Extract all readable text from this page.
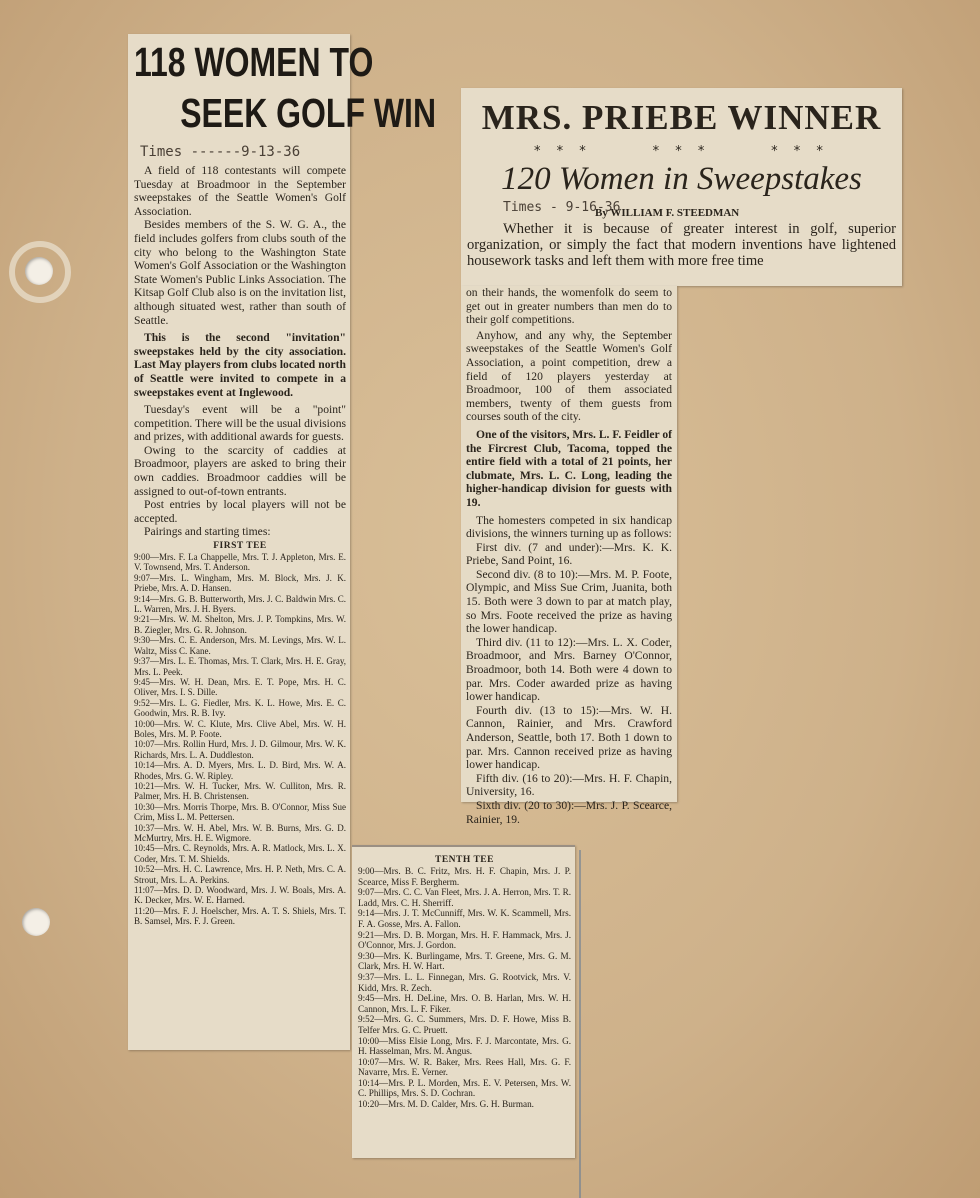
118 WOMEN TO
SEEK GOLF WIN
Times ------9-13-36

A field of 118 contestants will compete Tuesday at Broadmoor in the September sweepstakes of the Seattle Women's Golf Association.

Besides members of the S. W. G. A., the field includes golfers from clubs south of the city who belong to the Washington State Women's Golf Association or the Washington State Women's Public Links Association. The Kitsap Golf Club also is on the invitation list, although situated west, rather than south of Seattle.

This is the second "invitation" sweepstakes held by the city association. Last May players from clubs located north of Seattle were invited to compete in a sweepstakes event at Inglewood.

Tuesday's event will be a "point" competition. There will be the usual divisions and prizes, with additional awards for guests.

Owing to the scarcity of caddies at Broadmoor, players are asked to bring their own caddies. Broadmoor caddies will be assigned to out-of-town entrants.

Post entries by local players will not be accepted.

Pairings and starting times:

FIRST TEE
9:00—Mrs. F. La Chappelle, Mrs. T. J. Appleton, Mrs. E. V. Townsend, Mrs. T. Anderson.
9:07—Mrs. L. Wingham, Mrs. M. Block, Mrs. J. K. Priebe, Mrs. A. D. Hansen.
9:14—Mrs. G. B. Butterworth, Mrs. J. C. Baldwin Mrs. C. L. Warren, Mrs. J. H. Byers.
9:21—Mrs. W. M. Shelton, Mrs. J. P. Tompkins, Mrs. W. B. Ziegler, Mrs. G. R. Johnson.
9:30—Mrs. C. E. Anderson, Mrs. M. Levings, Mrs. W. L. Waltz, Miss C. Kane.
9:37—Mrs. L. E. Thomas, Mrs. T. Clark, Mrs. H. E. Gray, Mrs. L. Peek.
9:45—Mrs. W. H. Dean, Mrs. E. T. Pope, Mrs. H. C. Oliver, Mrs. I. S. Dille.
9:52—Mrs. L. G. Fiedler, Mrs. K. L. Howe, Mrs. E. C. Goodwin, Mrs. R. B. Ivy.
10:00—Mrs. W. C. Klute, Mrs. Clive Abel, Mrs. W. H. Boles, Mrs. M. P. Foote.
10:07—Mrs. Rollin Hurd, Mrs. J. D. Gilmour, Mrs. W. K. Richards, Mrs. L. A. Duddleston.
10:14—Mrs. A. D. Myers, Mrs. L. D. Bird, Mrs. W. A. Rhodes, Mrs. G. W. Ripley.
10:21—Mrs. W. H. Tucker, Mrs. W. Culliton, Mrs. R. Palmer, Mrs. H. B. Christensen.
10:30—Mrs. Morris Thorpe, Mrs. B. O'Connor, Miss Sue Crim, Miss L. M. Pettersen.
10:37—Mrs. W. H. Abel, Mrs. W. B. Burns, Mrs. G. D. McMurtry, Mrs. H. E. Wigmore.
10:45—Mrs. C. Reynolds, Mrs. A. R. Matlock, Mrs. L. X. Coder, Mrs. T. M. Shields.
10:52—Mrs. H. C. Lawrence, Mrs. H. P. Neth, Mrs. C. A. Strout, Mrs. L. A. Perkins.
11:07—Mrs. D. D. Woodward, Mrs. J. W. Boals, Mrs. A. K. Decker, Mrs. W. E. Harned.
11:20—Mrs. F. J. Hoelscher, Mrs. A. T. S. Shiels, Mrs. T. B. Samsel, Mrs. F. J. Green.
MRS. PRIEBE WINNER
* * *      * * *      * * *
120 Women in Sweepstakes
Times - 9-16-36
By WILLIAM F. STEEDMAN

Whether it is because of greater interest in golf, superior organization, or simply the fact that modern inventions have lightened housework tasks and left them with more free time

on their hands, the womenfolk do seem to get out in greater numbers than men do to their golf competitions.

Anyhow, and any why, the September sweepstakes of the Seattle Women's Golf Association, a point competition, drew a field of 120 players yesterday at Broadmoor, 100 of them associated members, twenty of them guests from courses south of the city.

One of the visitors, Mrs. L. F. Feidler of the Fircrest Club, Tacoma, topped the entire field with a total of 21 points, her clubmate, Mrs. L. C. Long, leading the higher-handicap division for guests with 19.

The homesters competed in six handicap divisions, the winners turning up as follows:

First div. (7 and under):—Mrs. K. K. Priebe, Sand Point, 16.

Second div. (8 to 10):—Mrs. M. P. Foote, Olympic, and Miss Sue Crim, Juanita, both 15. Both were 3 down to par at match play, so Mrs. Foote received the prize as having the lower handicap.

Third div. (11 to 12):—Mrs. L. X. Coder, Broadmoor, and Mrs. Barney O'Connor, Broadmoor, both 14. Both were 4 down to par. Mrs. Coder awarded prize as having lower handicap.

Fourth div. (13 to 15):—Mrs. W. H. Cannon, Rainier, and Mrs. Crawford Anderson, Seattle, both 17. Both 1 down to par. Mrs. Cannon received prize as having lower handicap.

Fifth div. (16 to 20):—Mrs. H. F. Chapin, University, 16.

Sixth div. (20 to 30):—Mrs. J. P. Scearce, Rainier, 19.

TENTH TEE
9:00—Mrs. B. C. Fritz, Mrs. H. F. Chapin, Mrs. J. P. Scearce, Miss F. Bergherm.
9:07—Mrs. C. C. Van Fleet, Mrs. J. A. Herron, Mrs. T. R. Ladd, Mrs. C. H. Sherriff.
9:14—Mrs. J. T. McCunniff, Mrs. W. K. Scammell, Mrs. F. A. Gosse, Mrs. A. Fallon.
9:21—Mrs. D. B. Morgan, Mrs. H. F. Hammack, Mrs. J. O'Connor, Mrs. J. Gordon.
9:30—Mrs. K. Burlingame, Mrs. T. Greene, Mrs. G. M. Clark, Mrs. H. W. Hart.
9:37—Mrs. L. L. Finnegan, Mrs. G. Rootvick, Mrs. V. Kidd, Mrs. R. Zech.
9:45—Mrs. H. DeLine, Mrs. O. B. Harlan, Mrs. W. H. Cannon, Mrs. L. F. Fiker.
9:52—Mrs. G. C. Summers, Mrs. D. F. Howe, Miss B. Telfer Mrs. G. C. Pruett.
10:00—Miss Elsie Long, Mrs. F. J. Marcontate, Mrs. G. H. Hasselman, Mrs. M. Angus.
10:07—Mrs. W. R. Baker, Mrs. Rees Hall, Mrs. G. F. Navarre, Mrs. E. Verner.
10:14—Mrs. P. L. Morden, Mrs. E. V. Petersen, Mrs. W. C. Phillips, Mrs. S. D. Cochran.
10:20—Mrs. M. D. Calder, Mrs. G. H. Burman.
